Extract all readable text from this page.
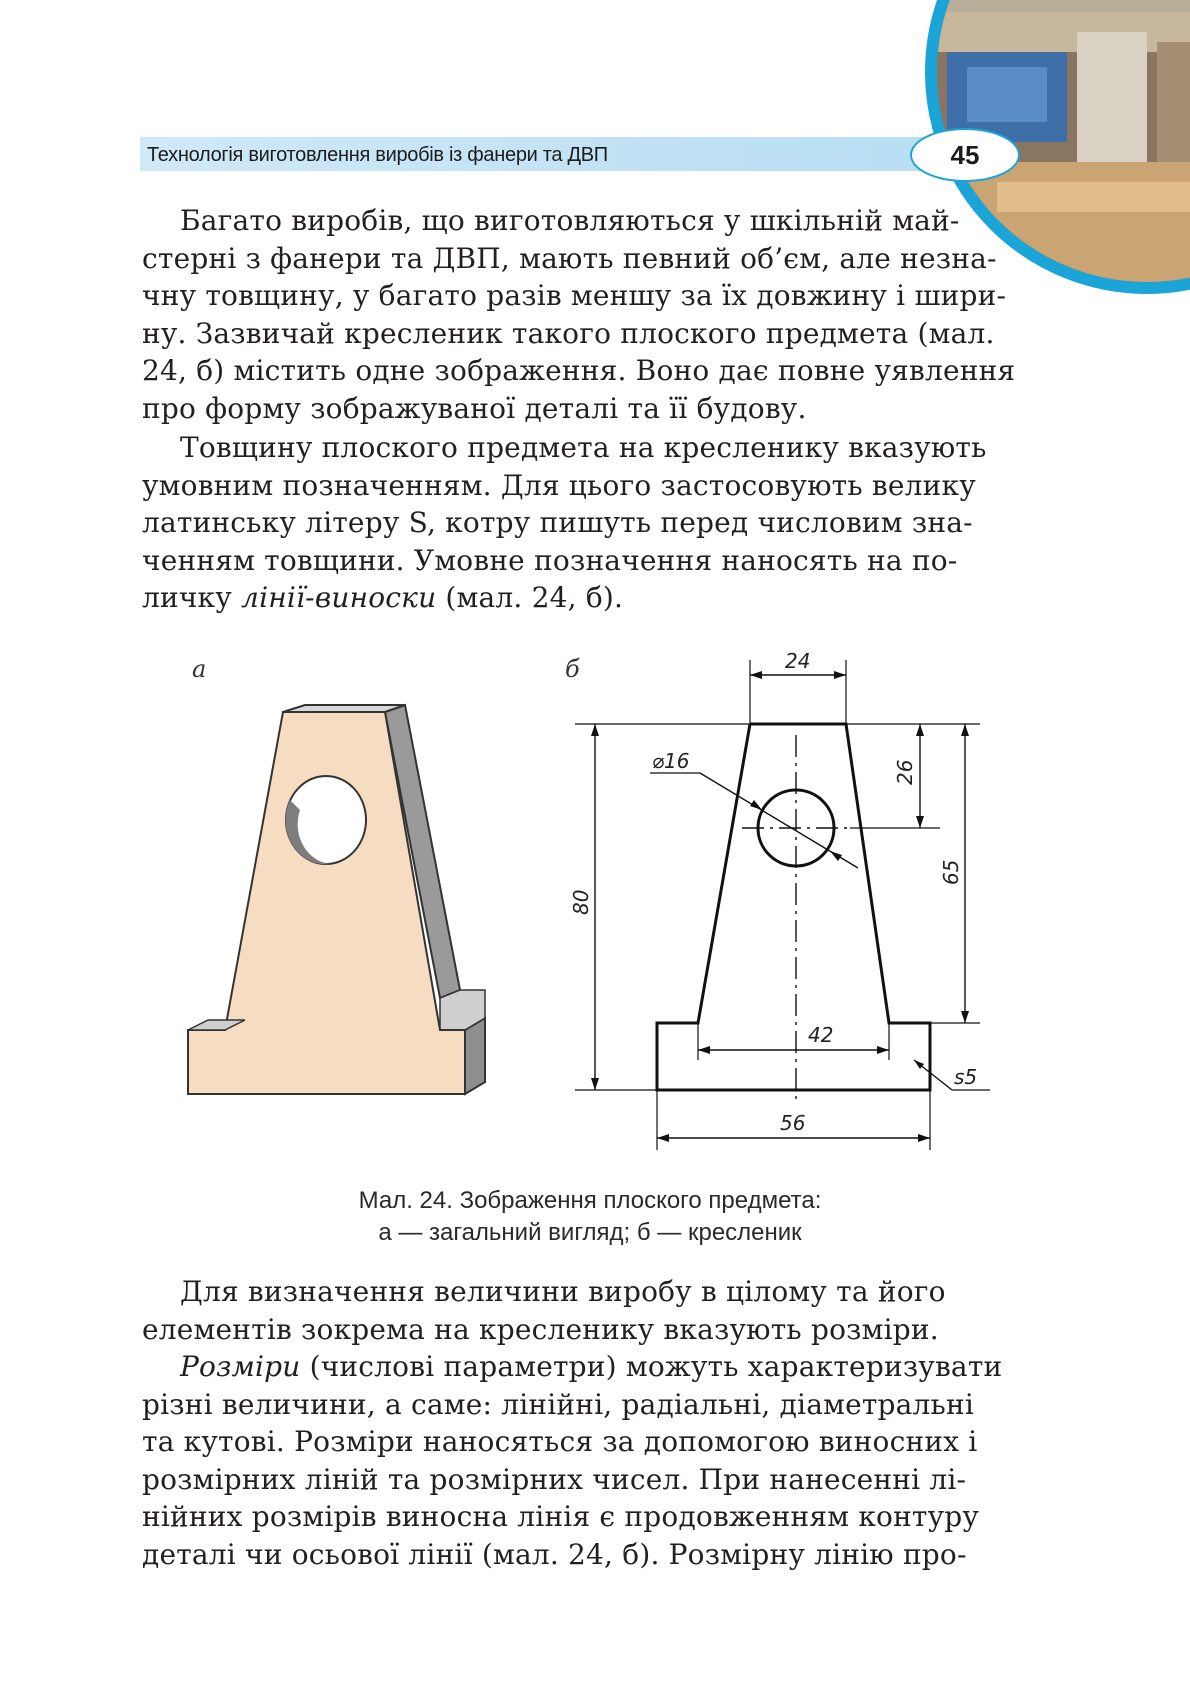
Технологія виготовлення виробів із фанери та ДВП	45
Багато виробів, що виготовляються у шкільній май-
стерні з фанери та ДВП, мають певний об’єм, але незна-
чну товщину, у багато разів меншу за їх довжину і шири-
ну. Зазвичай кресленик такого плоского предмета (мал.
24, б) містить одне зображення. Воно дає повне уявлення
про форму зображуваної деталі та її будову.
Товщину плоского предмета на кресленику вказують
умовним позначенням. Для цього застосовують велику
латинську літеру S, котру пишуть перед числовим зна-
ченням товщини. Умовне позначення наносять на по-
личку лінії-виноски (мал. 24, б).
а	б	24
⌀16	26
65
80
42
56
s5
Мал. 24. Зображення плоского предмета:
а — загальний вигляд; б — кресленик
Для визначення величини виробу в цілому та його
елементів зокрема на кресленику вказують розміри.
Розміри (числові параметри) можуть характеризувати
різні величини, а саме: лінійні, радіальні, діаметральні
та кутові. Розміри наносяться за допомогою виносних і
розмірних ліній та розмірних чисел. При нанесенні лі-
нійних розмірів виносна лінія є продовженням контуру
деталі чи осьової лінії (мал. 24, б). Розмірну лінію про-
